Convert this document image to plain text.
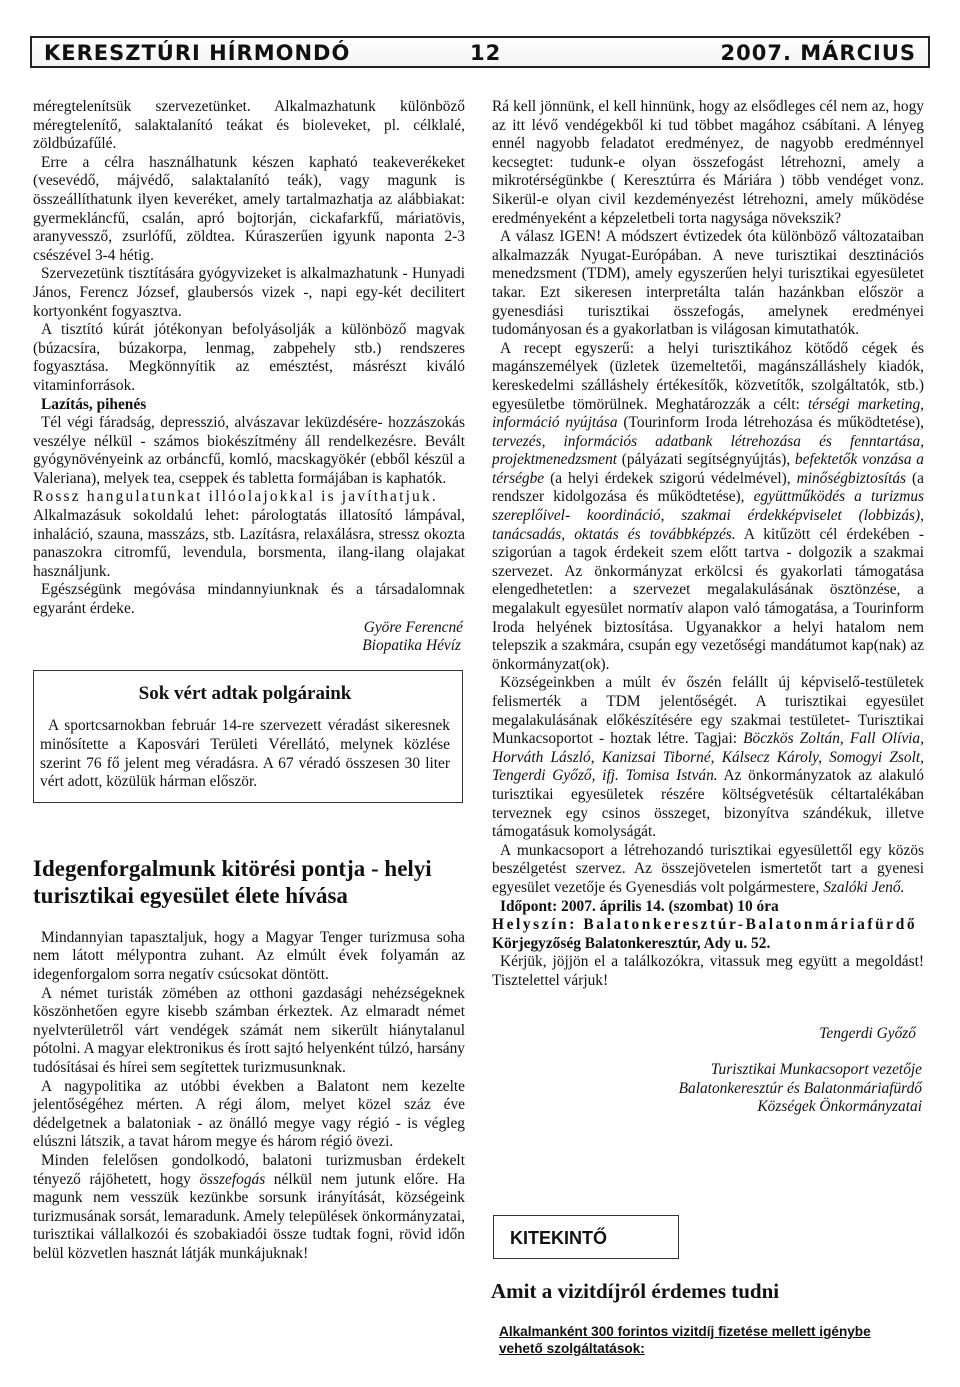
KERESZTÚRI HÍRMONDÓ	12	2007. MÁRCIUS

méregtelenítsük szervezetünket. Alkalmazhatunk különböző méregtelenítő, salaktalanító teákat és bioleveket, pl. célklalé, zöldbúzafűlé.

Erre a célra használhatunk készen kapható teakeverékeket (vesevédő, májvédő, salaktalanító teák), vagy magunk is összeállíthatunk ilyen keveréket, amely tartalmazhatja az alábbiakat: gyermekláncfű, csalán, apró bojtorján, cickafarkfű, máriatövis, aranyvessző, zsurlófű, zöldtea. Kúraszerűen igyunk naponta 2-3 csészével 3-4 hétig.

Szervezetünk tisztítására gyógyvizeket is alkalmazhatunk - Hunyadi János, Ferencz József, glaubersós vizek -, napi egy-két decilitert kortyonként fogyasztva.

A tisztító kúrát jótékonyan befolyásolják a különböző magvak (búzacsíra, búzakorpa, lenmag, zabpehely stb.) rendszeres fogyasztása. Megkönnyítik az emésztést, másrészt kiváló vitaminforrások.

Lazítás, pihenés

Tél végi fáradság, depresszió, alvászavar leküzdésére- hozzászokás veszélye nélkül - számos biokészítmény áll rendelkezésre. Bevált gyógynövényeink az orbáncfű, komló, macskagyökér (ebből készül a Valeriana), melyek tea, cseppek és tabletta formájában is kaphatók.

Rossz hangulatunkat illóolajokkal is javíthatjuk.

Alkalmazásuk sokoldalú lehet: párologtatás illatosító lámpával, inhaláció, szauna, masszázs, stb. Lazításra, relaxálásra, stressz okozta panaszokra citromfű, levendula, borsmenta, ilang-ilang olajakat használjunk.

Egészségünk megóvása mindannyiunknak és a társadalomnak egyaránt érdeke.

Györe Ferencné
Biopatika Hévíz
Sok vért adtak polgáraink

A sportcsarnokban február 14-re szervezett véradást sikeresnek minősítette a Kaposvári Területi Vérellátó, melynek közlése szerint 76 fő jelent meg véradásra. A 67 véradó összesen 30 liter vért adott, közülük hárman először.

Idegenforgalmunk kitörési pontja - helyi turisztikai egyesület élete hívása

Mindannyian tapasztaljuk, hogy a Magyar Tenger turizmusa soha nem látott mélypontra zuhant. Az elmúlt évek folyamán az idegenforgalom sorra negatív csúcsokat döntött.

A német turisták zömében az otthoni gazdasági nehézségeknek köszönhetően egyre kisebb számban érkeztek. Az elmaradt német nyelvterületről várt vendégek számát nem sikerült hiánytalanul pótolni. A magyar elektronikus és írott sajtó helyenként túlzó, harsány tudósításai és hírei sem segítettek turizmusunknak.

A nagypolitika az utóbbi években a Balatont nem kezelte jelentőségéhez mérten. A régi álom, melyet közel száz éve dédelgetnek a balatoniak - az önálló megye vagy régió - is végleg elúszni látszik, a tavat három megye és három régió övezi.

Minden felelősen gondolkodó, balatoni turizmusban érdekelt tényező rájöhetett, hogy összefogás nélkül nem jutunk előre. Ha magunk nem vesszük kezünkbe sorsunk irányítását, községeink turizmusának sorsát, lemaradunk. Amely települések önkormányzatai, turisztikai vállalkozói és szobakiadói össze tudtak fogni, rövid időn belül közvetlen hasznát látják munkájuknak!

Rá kell jönnünk, el kell hinnünk, hogy az elsődleges cél nem az, hogy az itt lévő vendégekből ki tud többet magához csábítani. A lényeg ennél nagyobb feladatot eredményez, de nagyobb eredménnyel kecsegtet: tudunk-e olyan összefogást létrehozni, amely a mikrotérségünkbe ( Keresztúrra és Máriára ) több vendéget vonz. Sikerül-e olyan civil kezdeményezést létrehozni, amely működése eredményeként a képzeletbeli torta nagysága növekszik?

A válasz IGEN! A módszert évtizedek óta különböző változataiban alkalmazzák Nyugat-Európában. A neve turisztikai desztinációs menedzsment (TDM), amely egyszerűen helyi turisztikai egyesületet takar. Ezt sikeresen interpretálta talán hazánkban először a gyenesdiási turisztikai összefogás, amelynek eredményei tudományosan és a gyakorlatban is világosan kimutathatók.

A recept egyszerű: a helyi turisztikához kötődő cégek és magánszemélyek (üzletek üzemeltetői, magánszálláshely kiadók, kereskedelmi szálláshely értékesítők, közvetítők, szolgáltatók, stb.) egyesületbe tömörülnek. Meghatározzák a célt: térségi marketing, információ nyújtása (Tourinform Iroda létrehozása és működtetése), tervezés, információs adatbank létrehozása és fenntartása, projektmenedzsment (pályázati segítségnyújtás), befektetők vonzása a térségbe (a helyi érdekek szigorú védelmével), minőségbiztosítás (a rendszer kidolgozása és működtetése), együttműködés a turizmus szereplőivel- koordináció, szakmai érdekképviselet (lobbizás), tanácsadás, oktatás és továbbképzés. A kitűzött cél érdekében - szigorúan a tagok érdekeit szem előtt tartva - dolgozik a szakmai szervezet. Az önkormányzat erkölcsi és gyakorlati támogatása elengedhetetlen: a szervezet megalakulásának ösztönzése, a megalakult egyesület normatív alapon való támogatása, a Tourinform Iroda helyének biztosítása. Ugyanakkor a helyi hatalom nem telepszik a szakmára, csupán egy vezetőségi mandátumot kap(nak) az önkormányzat(ok).

Községeinkben a múlt év őszén felállt új képviselő-testületek felismerték a TDM jelentőségét. A turisztikai egyesület megalakulásának előkészítésére egy szakmai testületet- Turisztikai Munkacsoportot - hoztak létre. Tagjai: Böczkös Zoltán, Fall Olívia, Horváth László, Kanizsai Tiborné, Kálsecz Károly, Somogyi Zsolt, Tengerdi Győző, ifj. Tomisa István. Az önkormányzatok az alakuló turisztikai egyesületek részére költségvetésük céltartalékában terveznek egy csinos összeget, bizonyítva szándékuk, illetve támogatásuk komolyságát.

A munkacsoport a létrehozandó turisztikai egyesülettől egy közös beszélgetést szervez. Az összejövetelen ismertetőt tart a gyenesi egyesület vezetője és Gyenesdiás volt polgármestere, Szalóki Jenő.

Időpont: 2007. április 14. (szombat) 10 óra

Helyszín: Balatonkeresztúr-Balatonmáriafürdő

Körjegyzőség Balatonkeresztúr, Ady u. 52.

Kérjük, jöjjön el a találkozókra, vitassuk meg együtt a megoldást! Tisztelettel várjuk!

Tengerdi Győző
Turisztikai Munkacsoport vezetője
Balatonkeresztúr és Balatonmáriafürdő
Községek Önkormányzatai
KITEKINTŐ
Amit a vizitdíjról érdemes tudni
Alkalmanként 300 forintos vizitdíj fizetése mellett igénybe vehető szolgáltatások:
